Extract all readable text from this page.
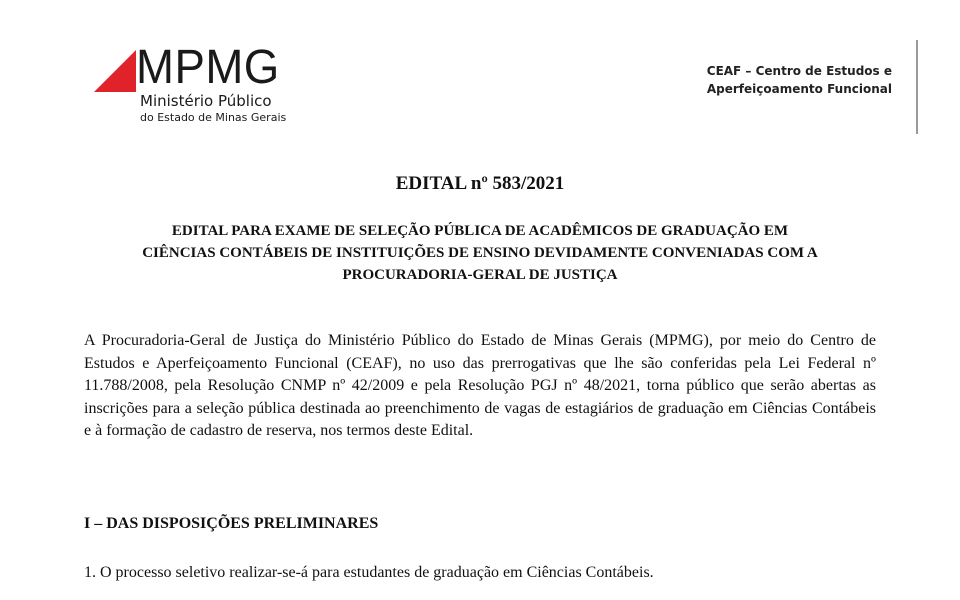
MPMG
Ministério Público
do Estado de Minas Gerais
CEAF – Centro de Estudos e
Aperfeiçoamento Funcional
EDITAL nº 583/2021
EDITAL PARA EXAME DE SELEÇÃO PÚBLICA DE ACADÊMICOS DE GRADUAÇÃO EM
CIÊNCIAS CONTÁBEIS DE INSTITUIÇÕES DE ENSINO DEVIDAMENTE CONVENIADAS COM A
PROCURADORIA-GERAL DE JUSTIÇA

A Procuradoria-Geral de Justiça do Ministério Público do Estado de Minas Gerais (MPMG), por meio do Centro de Estudos e Aperfeiçoamento Funcional (CEAF), no uso das prerrogativas que lhe são conferidas pela Lei Federal nº 11.788/2008, pela Resolução CNMP nº 42/2009 e pela Resolução PGJ nº 48/2021, torna público que serão abertas as inscrições para a seleção pública destinada ao preenchimento de vagas de estagiários de graduação em Ciências Contábeis e à formação de cadastro de reserva, nos termos deste Edital.

I – DAS DISPOSIÇÕES PRELIMINARES
1. O processo seletivo realizar-se-á para estudantes de graduação em Ciências Contábeis.
